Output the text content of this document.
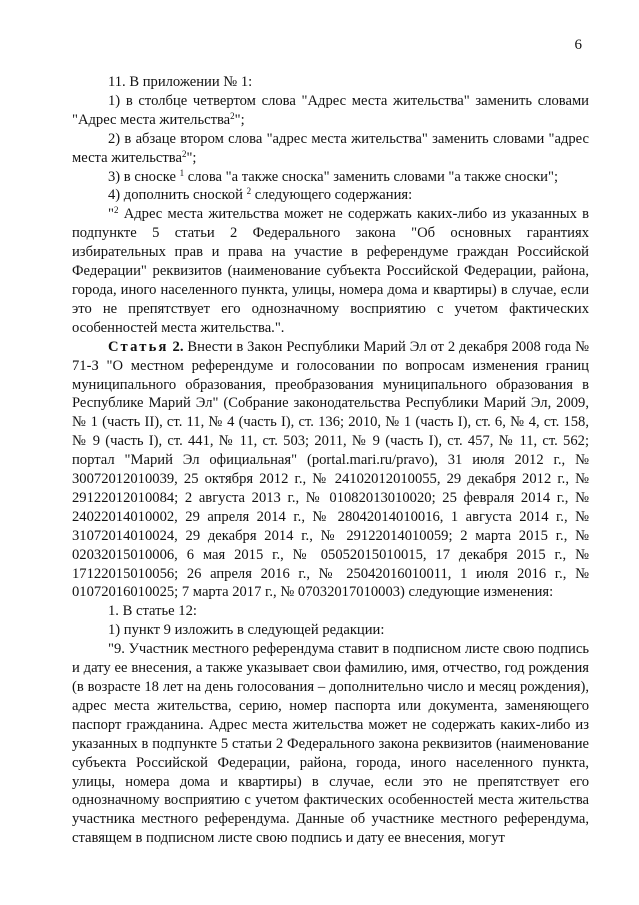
6

11. В приложении № 1:

1) в столбце четвертом слова "Адрес места жительства" заменить словами "Адрес места жительства$^2$";

2) в абзаце втором слова "адрес места жительства" заменить словами "адрес места жительства$^2$";

3) в сноске $^1$ слова "а также сноска" заменить словами "а также сноски";

4) дополнить сноской $^2$ следующего содержания:

"$^2$ Адрес места жительства может не содержать каких-либо из указанных в подпункте 5 статьи 2 Федерального закона "Об основных гарантиях избирательных прав и права на участие в референдуме граждан Российской Федерации" реквизитов (наименование субъекта Российской Федерации, района, города, иного населенного пункта, улицы, номера дома и квартиры) в случае, если это не препятствует его однозначному восприятию с учетом фактических особенностей места жительства.".

Статья 2. Внести в Закон Республики Марий Эл от 2 декабря 2008 года № 71-З "О местном референдуме и голосовании по вопросам изменения границ муниципального образования, преобразования муниципального образования в Республике Марий Эл" (Собрание законодательства Республики Марий Эл, 2009, № 1 (часть II), ст. 11, № 4 (часть I), ст. 136; 2010, № 1 (часть I), ст. 6, № 4, ст. 158, № 9 (часть I), ст. 441, № 11, ст. 503; 2011, № 9 (часть I), ст. 457, № 11, ст. 562; портал "Марий Эл официальная" (portal.mari.ru/pravo), 31 июля 2012 г., № 30072012010039, 25 октября 2012 г., № 24102012010055, 29 декабря 2012 г., № 29122012010084; 2 августа 2013 г., № 01082013010020; 25 февраля 2014 г., № 24022014010002, 29 апреля 2014 г., № 28042014010016, 1 августа 2014 г., № 31072014010024, 29 декабря 2014 г., № 29122014010059; 2 марта 2015 г., № 02032015010006, 6 мая 2015 г., № 05052015010015, 17 декабря 2015 г., № 17122015010056; 26 апреля 2016 г., № 25042016010011, 1 июля 2016 г., № 01072016010025; 7 марта 2017 г., № 07032017010003) следующие изменения:

1. В статье 12:

1) пункт 9 изложить в следующей редакции:

"9. Участник местного референдума ставит в подписном листе свою подпись и дату ее внесения, а также указывает свои фамилию, имя, отчество, год рождения (в возрасте 18 лет на день голосования – дополнительно число и месяц рождения), адрес места жительства, серию, номер паспорта или документа, заменяющего паспорт гражданина. Адрес места жительства может не содержать каких-либо из указанных в подпункте 5 статьи 2 Федерального закона реквизитов (наименование субъекта Российской Федерации, района, города, иного населенного пункта, улицы, номера дома и квартиры) в случае, если это не препятствует его однозначному восприятию с учетом фактических особенностей места жительства участника местного референдума. Данные об участнике местного референдума, ставящем в подписном листе свою подпись и дату ее внесения, могут
